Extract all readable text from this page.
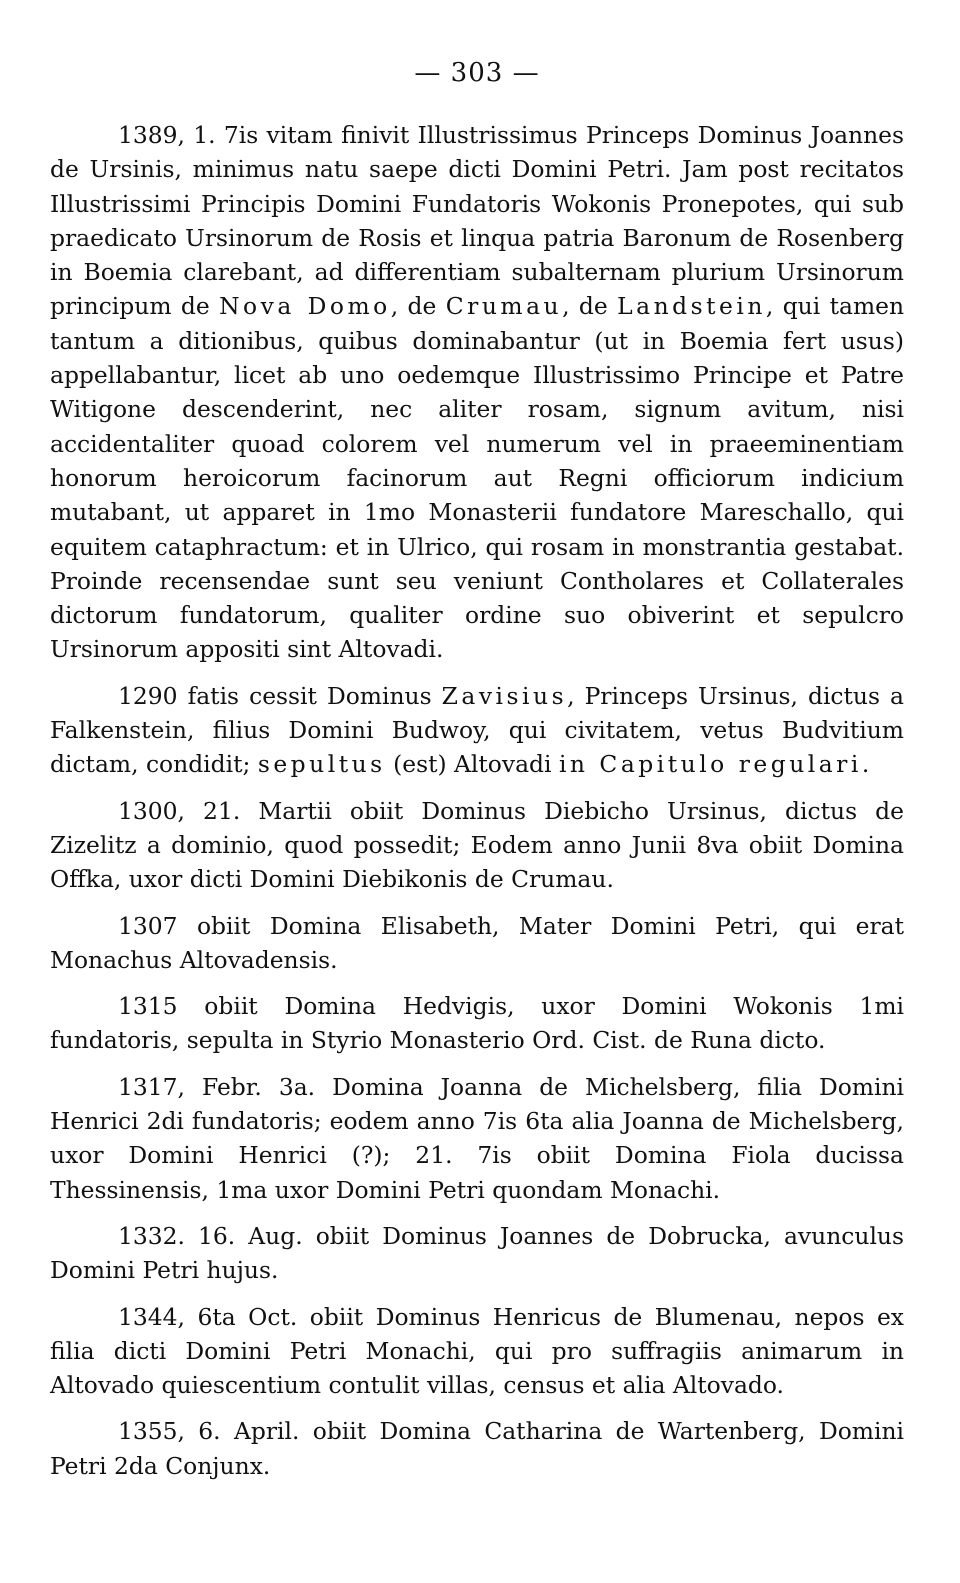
— 303 —

1389, 1. 7is vitam finivit Illustrissimus Princeps Dominus Joannes de Ursinis, minimus natu saepe dicti Domini Petri. Jam post recitatos Illustrissimi Principis Domini Fundatoris Wokonis Pronepotes, qui sub praedicato Ursinorum de Rosis et linqua patria Baronum de Rosenberg in Boemia clarebant, ad differentiam subalternam plurium Ursinorum principum de Nova Domo, de Crumau, de Landstein, qui tamen tantum a ditionibus, quibus dominabantur (ut in Boemia fert usus) appellabantur, licet ab uno oedemque Illustrissimo Principe et Patre Witigone descenderint, nec aliter rosam, signum avitum, nisi accidentaliter quoad colorem vel numerum vel in praeeminentiam honorum heroicorum facinorum aut Regni officiorum indicium mutabant, ut apparet in 1mo Monasterii fundatore Mareschallo, qui equitem cataphractum: et in Ulrico, qui rosam in monstrantia gestabat. Proinde recensendae sunt seu veniunt Contholares et Collaterales dictorum fundatorum, qualiter ordine suo obiverint et sepulcro Ursinorum appositi sint Altovadi.

1290 fatis cessit Dominus Zavisius, Princeps Ursinus, dictus a Falkenstein, filius Domini Budwoy, qui civitatem, vetus Budvitium dictam, condidit; sepultus (est) Altovadi in Capitulo regulari.

1300, 21. Martii obiit Dominus Diebicho Ursinus, dictus de Zizelitz a dominio, quod possedit; Eodem anno Junii 8va obiit Domina Offka, uxor dicti Domini Diebikonis de Crumau.

1307 obiit Domina Elisabeth, Mater Domini Petri, qui erat Monachus Altovadensis.

1315 obiit Domina Hedvigis, uxor Domini Wokonis 1mi fundatoris, sepulta in Styrio Monasterio Ord. Cist. de Runa dicto.

1317, Febr. 3a. Domina Joanna de Michelsberg, filia Domini Henrici 2di fundatoris; eodem anno 7is 6ta alia Joanna de Michelsberg, uxor Domini Henrici (?); 21. 7is obiit Domina Fiola ducissa Thessinensis, 1ma uxor Domini Petri quondam Monachi.

1332. 16. Aug. obiit Dominus Joannes de Dobrucka, avunculus Domini Petri hujus.

1344, 6ta Oct. obiit Dominus Henricus de Blumenau, nepos ex filia dicti Domini Petri Monachi, qui pro suffragiis animarum in Altovado quiescentium contulit villas, census et alia Altovado.

1355, 6. April. obiit Domina Catharina de Wartenberg, Domini Petri 2da Conjunx.
